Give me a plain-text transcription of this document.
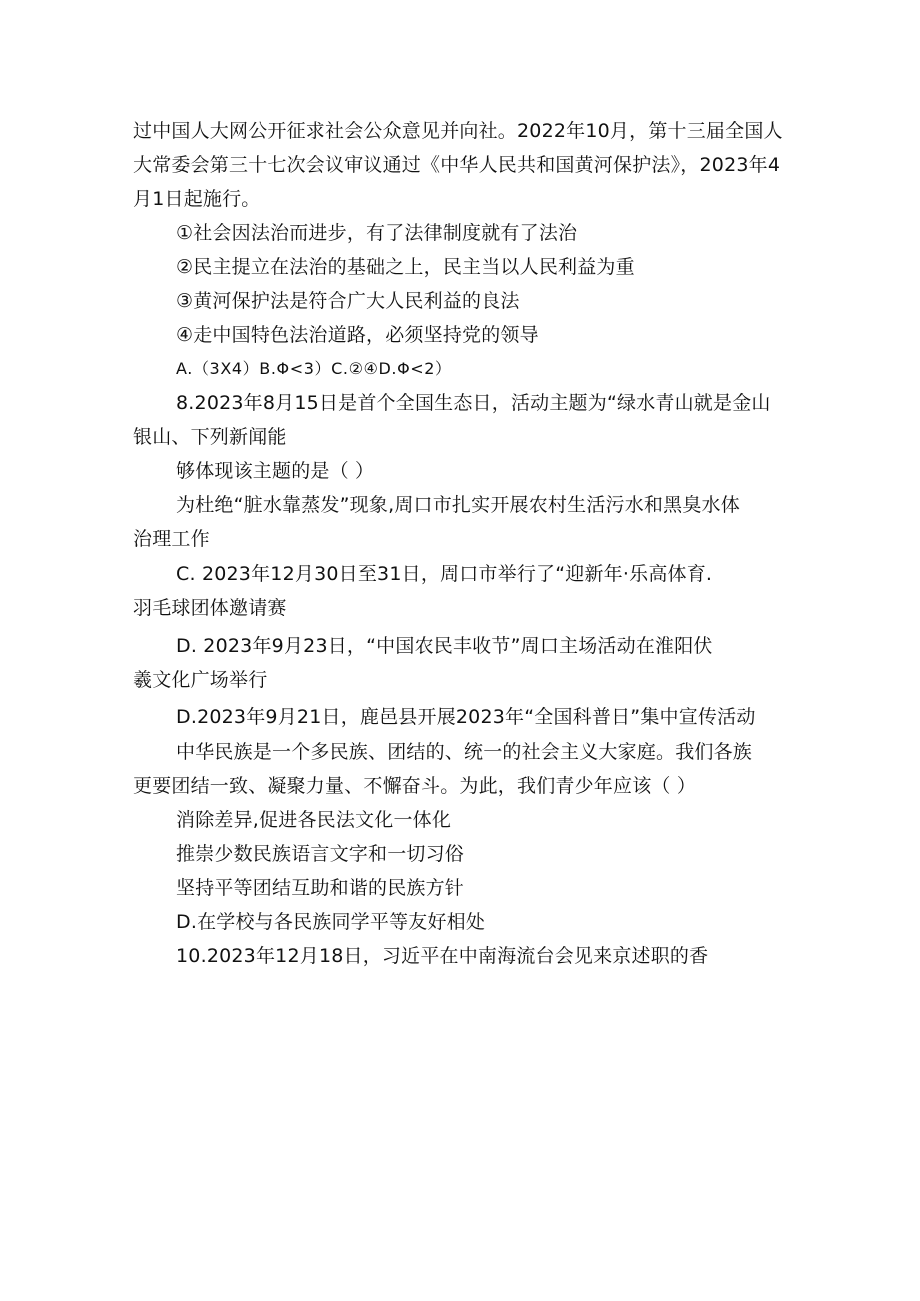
过中国人大网公开征求社会公众意见并向社。2022年10月，第十三届全国人
大常委会第三十七次会议审议通过《中华人民共和国黄河保护法》，2023年4
月1日起施行。
①社会因法治而进步，有了法律制度就有了法治
②民主提立在法治的基础之上，民主当以人民利益为重
③黄河保护法是符合广大人民利益的良法
④走中国特色法治道路，必须坚持党的领导
A.（3X4）B.Φ<3）C.②④D.Φ<2）
8.2023年8月15日是首个全国生态日，活动主题为“绿水青山就是金山
银山、下列新闻能
够体现该主题的是（ ）
为杜绝“脏水靠蒸发”现象,周口市扎实开展农村生活污水和黑臭水体
治理工作
C. 2023年12月30日至31日，周口市举行了“迎新年·乐高体育.
羽毛球团体邀请赛
D. 2023年9月23日，“中国农民丰收节”周口主场活动在淮阳伏
羲文化广场举行
D.2023年9月21日，鹿邑县开展2023年“全国科普日”集中宣传活动
中华民族是一个多民族、团结的、统一的社会主义大家庭。我们各族
更要团结一致、凝聚力量、不懈奋斗。为此，我们青少年应该（ ）
消除差异,促进各民法文化一体化
推崇少数民族语言文字和一切习俗
坚持平等团结互助和谐的民族方针
D.在学校与各民族同学平等友好相处
10.2023年12月18日，习近平在中南海流台会见来京述职的香
